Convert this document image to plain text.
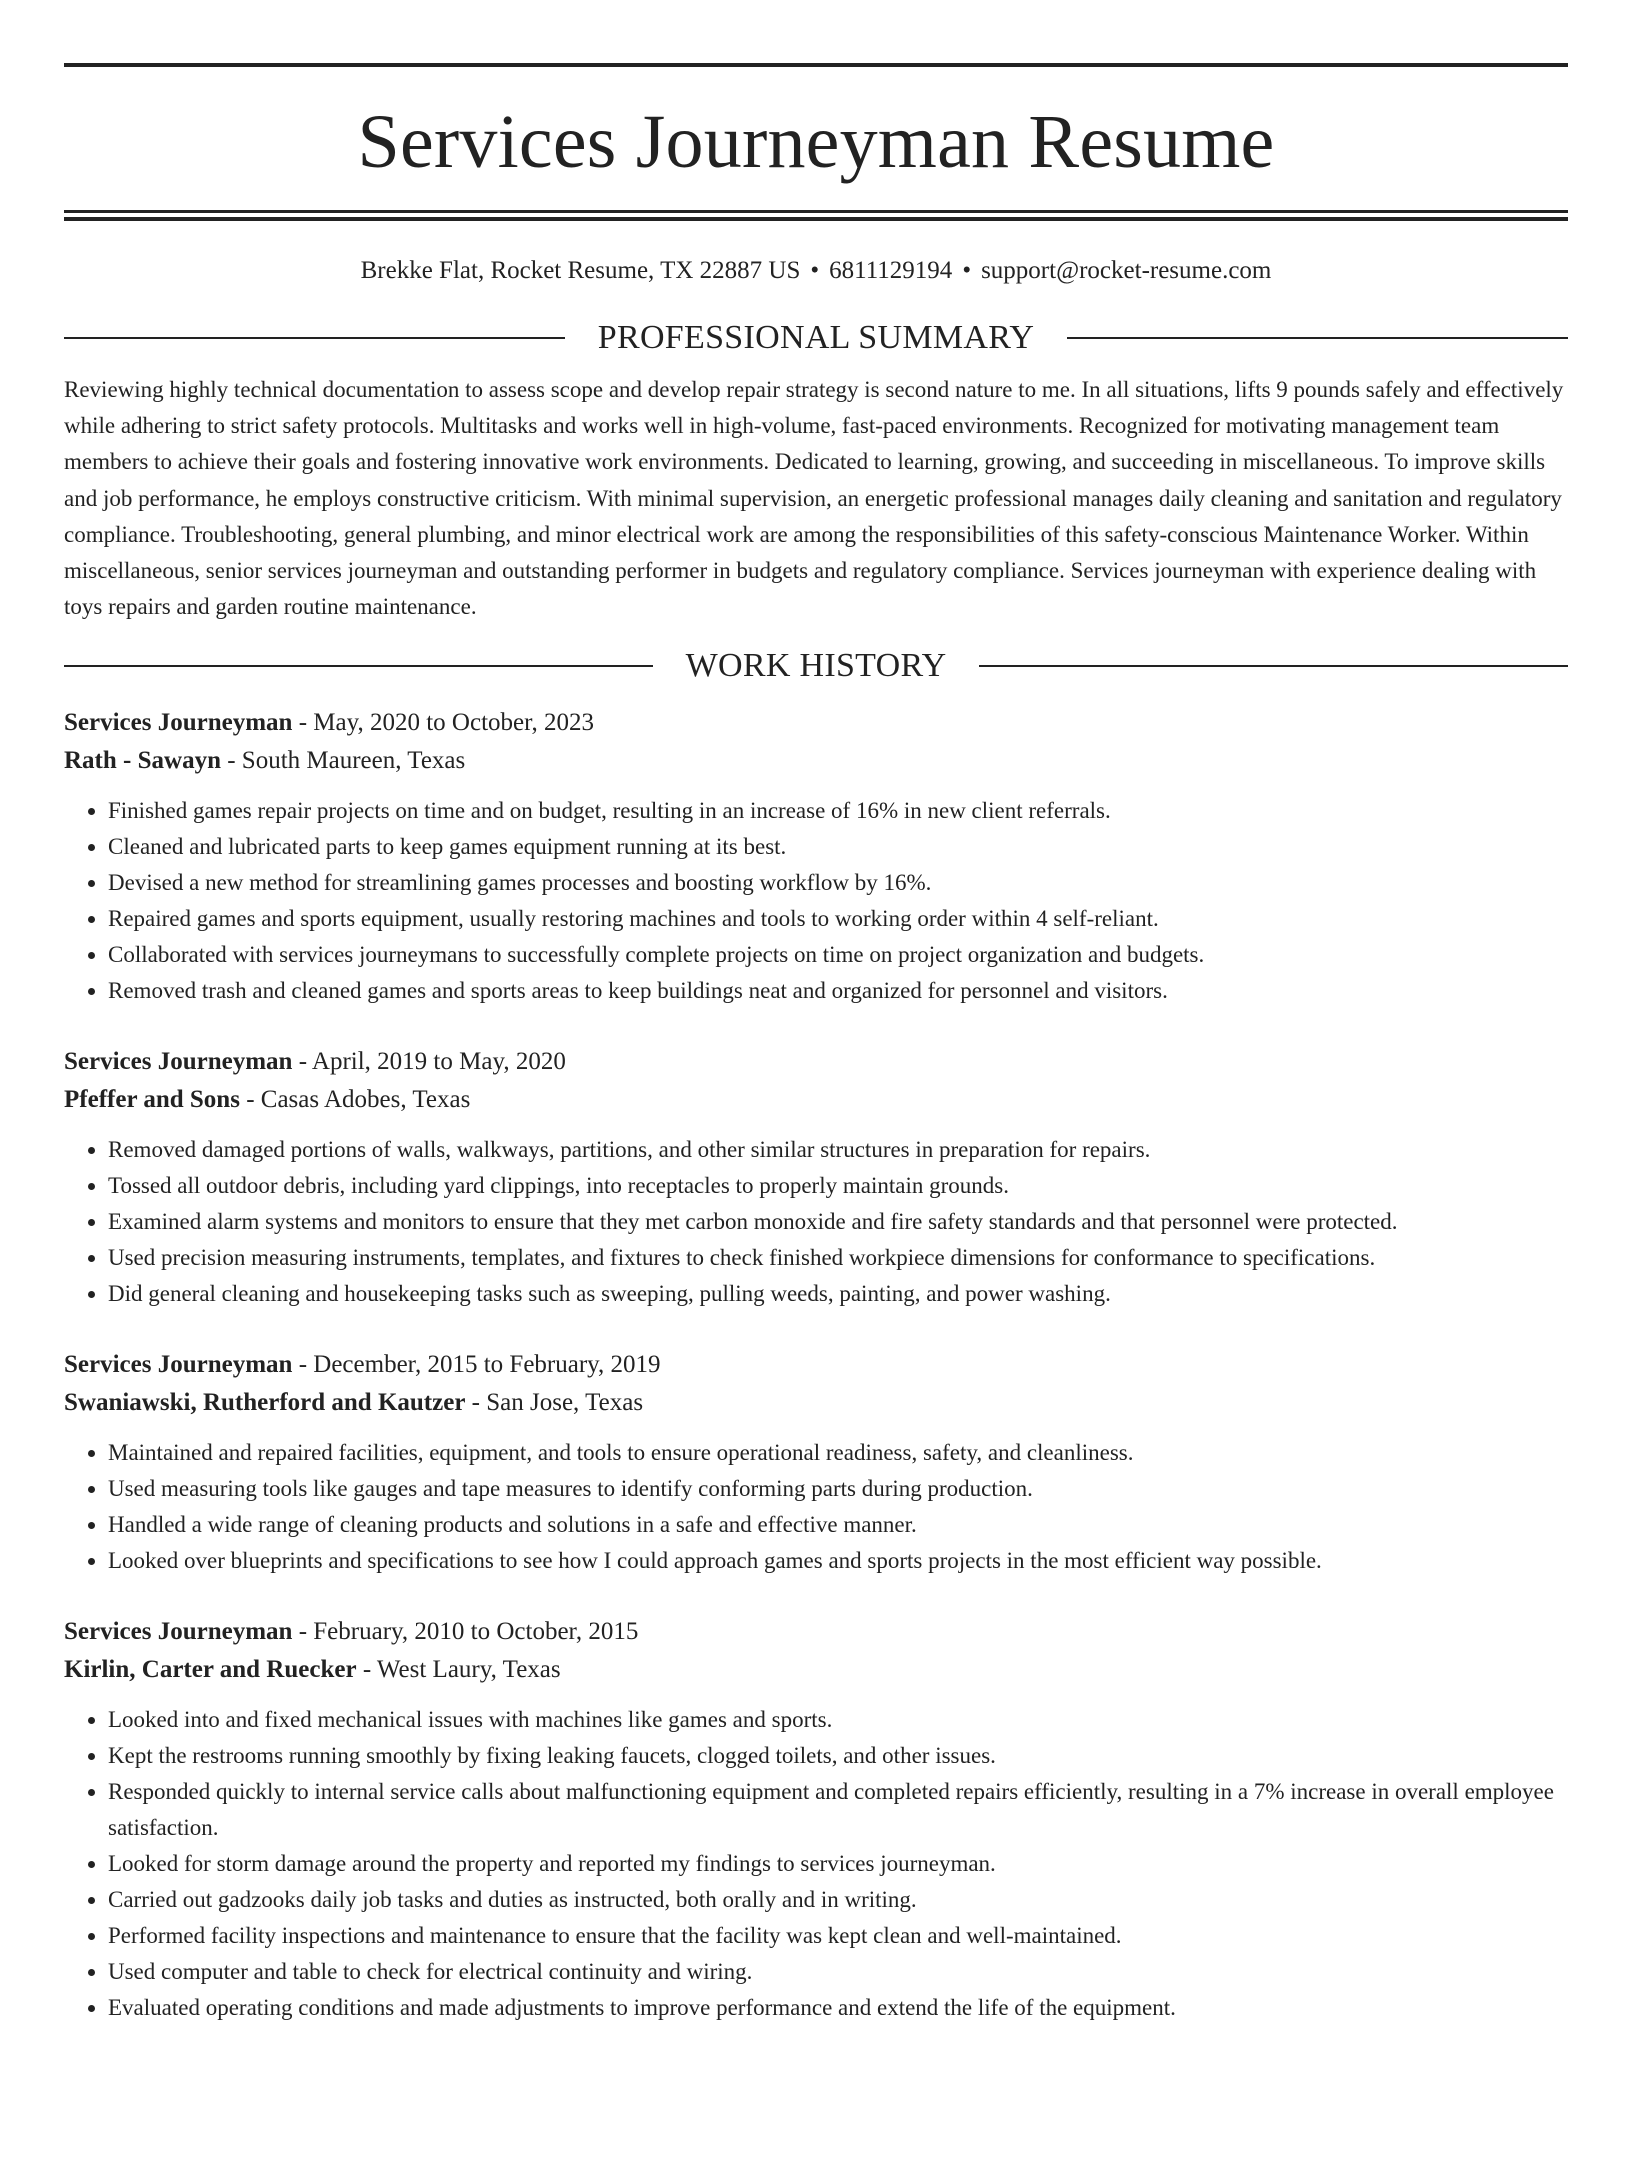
Services Journeyman Resume
Brekke Flat, Rocket Resume, TX 22887 US • 6811129194 • support@rocket-resume.com
PROFESSIONAL SUMMARY
Reviewing highly technical documentation to assess scope and develop repair strategy is second nature to me. In all situations, lifts 9 pounds safely and effectively while adhering to strict safety protocols. Multitasks and works well in high-volume, fast-paced environments. Recognized for motivating management team members to achieve their goals and fostering innovative work environments. Dedicated to learning, growing, and succeeding in miscellaneous. To improve skills and job performance, he employs constructive criticism. With minimal supervision, an energetic professional manages daily cleaning and sanitation and regulatory compliance. Troubleshooting, general plumbing, and minor electrical work are among the responsibilities of this safety-conscious Maintenance Worker. Within miscellaneous, senior services journeyman and outstanding performer in budgets and regulatory compliance. Services journeyman with experience dealing with toys repairs and garden routine maintenance.
WORK HISTORY
Services Journeyman - May, 2020 to October, 2023
Rath - Sawayn - South Maureen, Texas
• Finished games repair projects on time and on budget, resulting in an increase of 16% in new client referrals.
• Cleaned and lubricated parts to keep games equipment running at its best.
• Devised a new method for streamlining games processes and boosting workflow by 16%.
• Repaired games and sports equipment, usually restoring machines and tools to working order within 4 self-reliant.
• Collaborated with services journeymans to successfully complete projects on time on project organization and budgets.
• Removed trash and cleaned games and sports areas to keep buildings neat and organized for personnel and visitors.
Services Journeyman - April, 2019 to May, 2020
Pfeffer and Sons - Casas Adobes, Texas
• Removed damaged portions of walls, walkways, partitions, and other similar structures in preparation for repairs.
• Tossed all outdoor debris, including yard clippings, into receptacles to properly maintain grounds.
• Examined alarm systems and monitors to ensure that they met carbon monoxide and fire safety standards and that personnel were protected.
• Used precision measuring instruments, templates, and fixtures to check finished workpiece dimensions for conformance to specifications.
• Did general cleaning and housekeeping tasks such as sweeping, pulling weeds, painting, and power washing.
Services Journeyman - December, 2015 to February, 2019
Swaniawski, Rutherford and Kautzer - San Jose, Texas
• Maintained and repaired facilities, equipment, and tools to ensure operational readiness, safety, and cleanliness.
• Used measuring tools like gauges and tape measures to identify conforming parts during production.
• Handled a wide range of cleaning products and solutions in a safe and effective manner.
• Looked over blueprints and specifications to see how I could approach games and sports projects in the most efficient way possible.
Services Journeyman - February, 2010 to October, 2015
Kirlin, Carter and Ruecker - West Laury, Texas
• Looked into and fixed mechanical issues with machines like games and sports.
• Kept the restrooms running smoothly by fixing leaking faucets, clogged toilets, and other issues.
• Responded quickly to internal service calls about malfunctioning equipment and completed repairs efficiently, resulting in a 7% increase in overall employee satisfaction.
• Looked for storm damage around the property and reported my findings to services journeyman.
• Carried out gadzooks daily job tasks and duties as instructed, both orally and in writing.
• Performed facility inspections and maintenance to ensure that the facility was kept clean and well-maintained.
• Used computer and table to check for electrical continuity and wiring.
• Evaluated operating conditions and made adjustments to improve performance and extend the life of the equipment.
